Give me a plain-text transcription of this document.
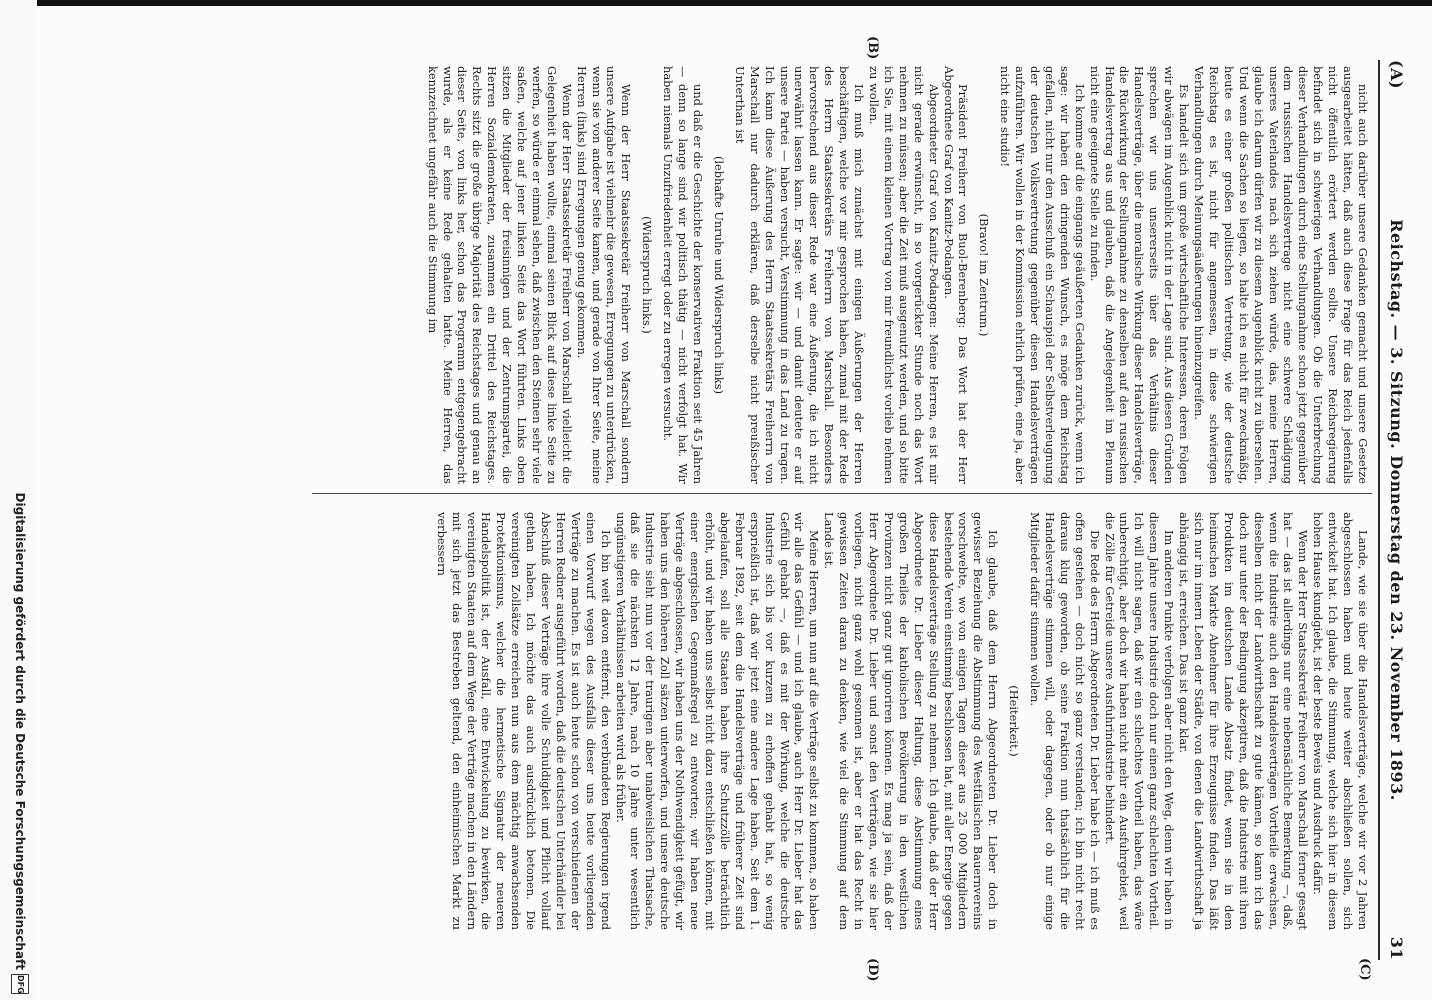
(A)
Reichstag. — 3. Sitzung. Donnerstag den 23. November 1893.
31
(C)
(B)
(D)

nicht auch darüber unsere Gedanken gemacht und unsere Gesetze ausgearbeitet hätten, daß auch diese Frage für das Reich jedenfalls nicht öffentlich erörtert werden sollte. Unsere Reichsregierung befindet sich in schwierigen Verhandlungen. Ob die Unterbrechung dieser Verhandlungen durch eine Stellungnahme schon jetzt gegenüber dem russischen Handelsvertrage nicht eine schwere Schädigung unseres Vaterlandes nach sich ziehen würde, das, meine Herren, glaube ich darum dürfen wir zu diesem Augenblick nicht zu übersehen. Und wenn die Sachen so liegen, so halte ich es nicht für zweckmäßig, heute es einer großen politischen Vertretung, wie der deutsche Reichstag es ist, nicht für angemessen, in diese schwierigen Verhandlungen durch Meinungsäußerungen hineinzugreifen.

Es handelt sich um große wirtschaftliche Interessen, deren Folgen wir abwägen im Augenblick nicht in der Lage sind. Aus diesen Gründen sprechen wir uns unsererseits über das Verhältnis dieser Handelsverträge, über die moralische Wirkung dieser Handelsverträge, die Rückwirkung der Stellungnahme zu denselben auf den russischen Handelsvertrag aus und glauben, daß die Angelegenheit im Plenum nicht eine geeignete Stelle zu finden.

Ich komme auf die eingangs geäußerten Gedanken zurück, wenn ich sage: wir haben den dringenden Wunsch, es möge dem Reichstag gefallen, nicht nur den Ausschuß ein Schauspiel der Selbstverleugnung der deutschen Volksvertretung gegenüber diesen Handelsverträgen aufzuführen. Wir wollen in der Kommission ehrlich prüfen, eine ja, aber nicht eine studio!

(Bravo! im Zentrum.)

Präsident Freiherr von Buol-Berenberg: Das Wort hat der Herr Abgeordnete Graf von Kanitz-Podangen.

Abgeordneter Graf von Kanitz-Podangen: Meine Herren, es ist mir nicht gerade erwünscht, in so vorgerückter Stunde noch das Wort nehmen zu müssen; aber die Zeit muß ausgenutzt werden, und so bitte ich Sie, mit einem kleinen Vortrag von mir freundlichst vorlieb nehmen zu wollen.

Ich muß mich zunächst mit einigen Äußerungen der Herren beschäftigen, welche vor mir gesprochen haben, zumal mit der Rede des Herrn Staatssekretärs Freiherrn von Marschall. Besonders hervorstechend aus dieser Rede war eine Äußerung, die ich nicht unerwähnt lassen kann. Er sagte: wir — und damit deutete er auf unsere Partei — haben versucht, Verstimmung in das Land zu tragen. Ich kann diese Äußerung des Herrn Staatssekretärs Freiherrn von Marschall nur dadurch erklären, daß derselbe nicht preußischer Unterthan ist

(lebhafte Unruhe und Widerspruch links)

und daß er die Geschichte der konservativen Fraktion seit 45 Jahren — denn so lange sind wir politisch thätig — nicht verfolgt hat. Wir haben niemals Unzufriedenheit erregt oder zu erregen versucht.

(Widerspruch links.)

Wenn der Herr Staatssekretär Freiherr von Marschall sondern unsere Aufgabe ist vielmehr die gewesen, Erregungen zu unterdrücken, wenn sie von anderer Seite kamen, und gerade von Ihrer Seite, meine Herren (links) sind Erregungen genug gekommen.

Wenn der Herr Staatssekretär Freiherr von Marschall vielleicht die Gelegenheit haben wollte, einmal seinen Blick auf diese linke Seite zu werfen, so würde er einmal sehen, daß zwischen den Steinen sehr viele saßen, welche auf jener linken Seite das Wort führten. Links oben sitzen die Mitglieder der freisinnigen und der Zentrumspartei, die Herren Sozialdemokraten, zusammen ein Drittel des Reichstages. Rechts sitzt die große übrige Majorität des Reichstages und genau an dieser Seite, von links her, schon das Programm entgegengebracht wurde, als er keine Rede gehalten hatte. Meine Herren, das kennzeichnet ungefähr auch die Stimmung im

Lande, wie sie über die Handelsverträge, welche wir vor 2 Jahren abgeschlossen haben und heute weiter abschließen sollen, sich entwickelt hat. Ich glaube, die Stimmung, welche sich hier in diesem hohen Hause kundgiebt, ist der beste Beweis und Ausdruck dafür.

Wenn der Herr Staatssekretär Freiherr von Marschall ferner gesagt hat — das ist allerdings nur eine nebensächliche Bemerkung —, daß, wenn die Industrie auch den Handelsverträgen Vortheile erwachsen, dieselben nicht der Landwirthschaft zu gute kämen, so kann ich das doch nur unter der Bedingung akzeptiren, daß die Industrie mit ihren Produkten im deutschen Lande Absatz findet, wenn sie in dem heimischen Markte Abnehmer für ihre Erzeugnisse finden. Das läßt sich nur im innern Leben der Städte, von denen die Landwirthschaft ja abhängig ist, erreichen. Das ist ganz klar.

Im anderen Punkte verfolgen aber nicht den Weg, denn wir haben in diesem Jahre unsere Industrie doch nur einen ganz schlechten Vortheil. Ich will nicht sagen, daß wir ein schlechtes Vortheil haben, das wäre unberechtigt, aber doch wir haben nicht mehr ein Ausfuhrgebiet, weil die Zölle für Getreide unsere Ausfuhrindustrie behindert.

Die Rede des Herrn Abgeordneten Dr. Lieber habe ich — ich muß es offen gestehen — doch nicht so ganz verstanden; ich bin nicht recht daraus klug geworden, ob seine Fraktion nun thatsächlich für die Handelsverträge stimmen will, oder dagegen, oder ob nur einige Mitglieder dafür stimmen wollen.

(Heiterkeit.)

Ich glaube, daß dem Herrn Abgeordneten Dr. Lieber doch in gewisser Beziehung die Abstimmung des Westfälischen Bauernvereins vorschwebte, wo von einigen Tagen dieser aus 25 000 Mitgliedern bestehende Verein einstimmig beschlossen hat, mit aller Energie gegen diese Handelsverträge Stellung zu nehmen. Ich glaube, daß der Herr Abgeordnete Dr. Lieber dieser Haltung, diese Abstimmung eines großen Theiles der katholischen Bevölkerung in den westlichen Provinzen nicht ganz gut ignoriren können. Es mag ja sein, daß der Herr Abgeordnete Dr. Lieber und sonst den Verträgen, wie sie hier vorliegen, nicht ganz wohl gesonnen ist, aber er hat das Recht in gewissen Zeiten daran zu denken, wie viel die Stimmung auf dem Lande ist.

Meine Herren, um nun auf die Verträge selbst zu kommen, so haben wir alle das Gefühl — und ich glaube, auch Herr Dr. Lieber hat das Gefühl gehabt —, daß es mit der Wirkung, welche die deutsche Industrie sich bis vor kurzem zu erhoffen gehabt hat, so wenig ersprießlich ist, daß wir jetzt eine andere Lage haben. Seit dem 1. Februar 1892, seit dem die Handelsverträge und früherer Zeit sind abgelaufen, soll alle Staaten haben ihre Schutzzölle beträchtlich erhöht, und wir haben uns selbst nicht dazu entschließen können, mit einer energischen Gegenmaßregel zu entworten; wir haben neue Verträge abgeschlossen, wir haben uns der Nothwendigkeit gefügt, wir haben uns den höheren Zoll sätzen unterworfen, und unsere deutsche Industrie sieht nun vor der traurigen aber unabweislichen Thatsache, daß sie die nächsten 12 Jahre, nach 10 Jahre unter wesentlich ungünstigeren Verhältnissen arbeiten wird als früher.

Ich bin weit davon entfernt, den verbündeten Regierungen irgend einen Vorwurf wegen des Ausfalls dieser uns heute vorliegenden Verträge zu machen. Es ist auch heute schon von verschiedenen der Herren Redner ausgeführt worden, daß die deutschen Unterhändler bei Abschluß dieser Verträge ihre volle Schuldigkeit und Pflicht vollauf gethan haben. Ich möchte das auch ausdrücklich betonen. Die vereinigten Zollsätze erreichen nun aus dem mächtig anwachsenden Protektionismus, welcher die hermetische Signatur der neueren Handelspolitik ist, der Ausfall, eine Entwickelung zu bewirken, die vereinigten Staaten auf dem Wege der Verträge machen in den Ländern mit sich jetzt das Bestreben geltend, den einheimischen Markt zu verbessern

Digitalisierung gefördert durch die Deutsche Forschungsgemeinschaft
DFG
